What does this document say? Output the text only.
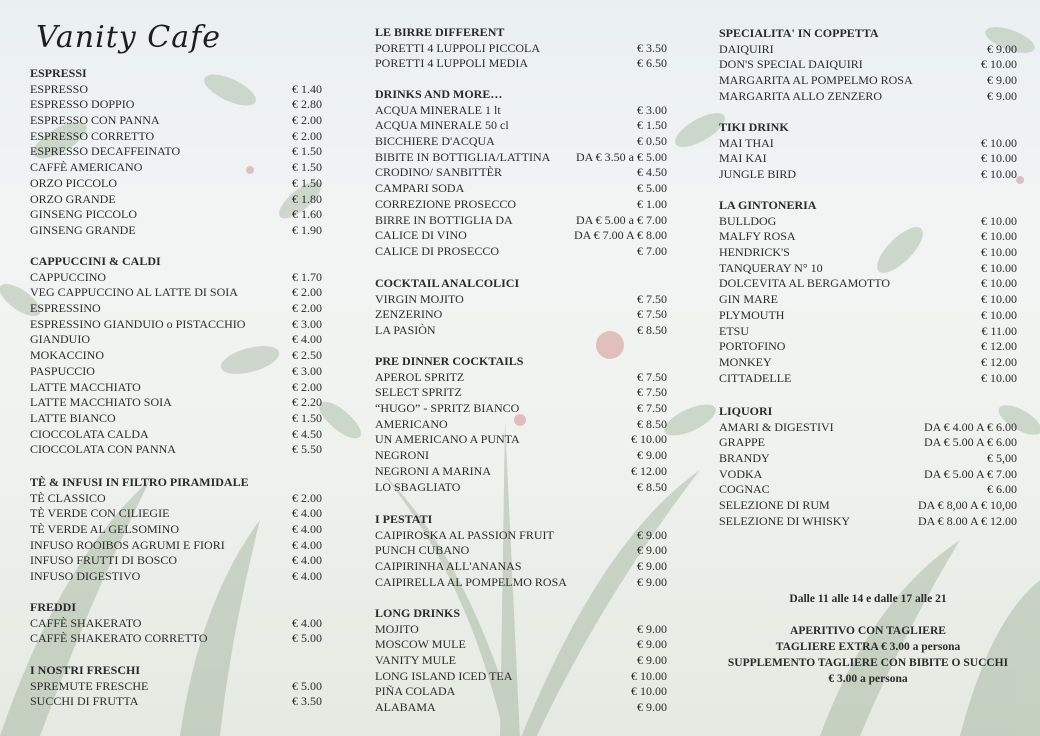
Vanity Cafe
ESPRESSI
ESPRESSO	€ 1.40
ESPRESSO DOPPIO	€ 2.80
ESPRESSO CON PANNA	€ 2.00
ESPRESSO CORRETTO	€ 2.00
ESPRESSO DECAFFEINATO	€ 1.50
CAFFÈ AMERICANO	€ 1.50
ORZO PICCOLO	€ 1.50
ORZO GRANDE	€ 1.80
GINSENG PICCOLO	€ 1.60
GINSENG GRANDE	€ 1.90
CAPPUCCINI & CALDI
CAPPUCCINO	€ 1.70
VEG CAPPUCCINO AL LATTE DI SOIA	€ 2.00
ESPRESSINO	€ 2.00
ESPRESSINO GIANDUIO o PISTACCHIO	€ 3.00
GIANDUIO	€ 4.00
MOKACCINO	€ 2.50
PASPUCCIO	€ 3.00
LATTE MACCHIATO	€ 2.00
LATTE MACCHIATO SOIA	€ 2.20
LATTE BIANCO	€ 1.50
CIOCCOLATA CALDA	€ 4.50
CIOCCOLATA CON PANNA	€ 5.50
TÈ & INFUSI IN FILTRO PIRAMIDALE
TÈ CLASSICO	€ 2.00
TÈ VERDE CON CILIEGIE	€ 4.00
TÈ VERDE AL GELSOMINO	€ 4.00
INFUSO ROOIBOS AGRUMI E FIORI	€ 4.00
INFUSO FRUTTI DI BOSCO	€ 4.00
INFUSO DIGESTIVO	€ 4.00
FREDDI
CAFFÈ SHAKERATO	€ 4.00
CAFFÈ SHAKERATO CORRETTO	€ 5.00
I NOSTRI FRESCHI
SPREMUTE FRESCHE	€ 5.00
SUCCHI DI FRUTTA	€ 3.50
LE BIRRE DIFFERENT
PORETTI 4 LUPPOLI PICCOLA	€ 3.50
PORETTI 4 LUPPOLI MEDIA	€ 6.50
DRINKS AND MORE…
ACQUA MINERALE 1 lt	€ 3.00
ACQUA MINERALE 50 cl	€ 1.50
BICCHIERE D'ACQUA	€ 0.50
BIBITE IN BOTTIGLIA/LATTINA DA € 3.50 a € 5.00
CRODINO/ SANBITTÈR	€ 4.50
CAMPARI SODA	€ 5.00
CORREZIONE PROSECCO	€ 1.00
BIRRE IN BOTTIGLIA DA	DA € 5.00 a € 7.00
CALICE DI VINO	DA € 7.00 A € 8.00
CALICE DI PROSECCO	€ 7.00
COCKTAIL ANALCOLICI
VIRGIN MOJITO	€ 7.50
ZENZERINO	€ 7.50
LA PASIÒN	€ 8.50
PRE DINNER COCKTAILS
APEROL SPRITZ	€ 7.50
SELECT SPRITZ	€ 7.50
“HUGO” - SPRITZ BIANCO	€ 7.50
AMERICANO	€ 8.50
UN AMERICANO A PUNTA	€ 10.00
NEGRONI	€ 9.00
NEGRONI A MARINA	€ 12.00
LO SBAGLIATO	€ 8.50
I PESTATI
CAIPIROSKA AL PASSION FRUIT	€ 9.00
PUNCH CUBANO	€ 9.00
CAIPIRINHA ALL'ANANAS	€ 9.00
CAIPIRELLA AL POMPELMO ROSA	€ 9.00
LONG DRINKS
MOJITO	€ 9.00
MOSCOW MULE	€ 9.00
VANITY MULE	€ 9.00
LONG ISLAND ICED TEA	€ 10.00
PIÑA COLADA	€ 10.00
ALABAMA	€ 9.00
SPECIALITA' IN COPPETTA
DAIQUIRI	€ 9.00
DON'S SPECIAL DAIQUIRI	€ 10.00
MARGARITA AL POMPELMO ROSA	€ 9.00
MARGARITA ALLO ZENZERO	€ 9.00
TIKI DRINK
MAI THAI	€ 10.00
MAI KAI	€ 10.00
JUNGLE BIRD	€ 10.00
LA GINTONERIA
BULLDOG	€ 10.00
MALFY ROSA	€ 10.00
HENDRICK'S	€ 10.00
TANQUERAY N° 10	€ 10.00
DOLCEVITA AL BERGAMOTTO	€ 10.00
GIN MARE	€ 10.00
PLYMOUTH	€ 10.00
ETSU	€ 11.00
PORTOFINO	€ 12.00
MONKEY	€ 12.00
CITTADELLE	€ 10.00
LIQUORI
AMARI & DIGESTIVI	DA € 4.00 A € 6.00
GRAPPE	DA € 5.00 A € 6.00
BRANDY	€ 5,00
VODKA	DA € 5.00 A € 7.00
COGNAC	€ 6.00
SELEZIONE DI RUM	DA € 8,00 A € 10,00
SELEZIONE DI WHISKY	DA € 8.00 A € 12.00
Dalle 11 alle 14 e dalle 17 alle 21
APERITIVO CON TAGLIERE
TAGLIERE EXTRA € 3.00 a persona
SUPPLEMENTO TAGLIERE CON BIBITE O SUCCHI
€ 3.00 a persona
